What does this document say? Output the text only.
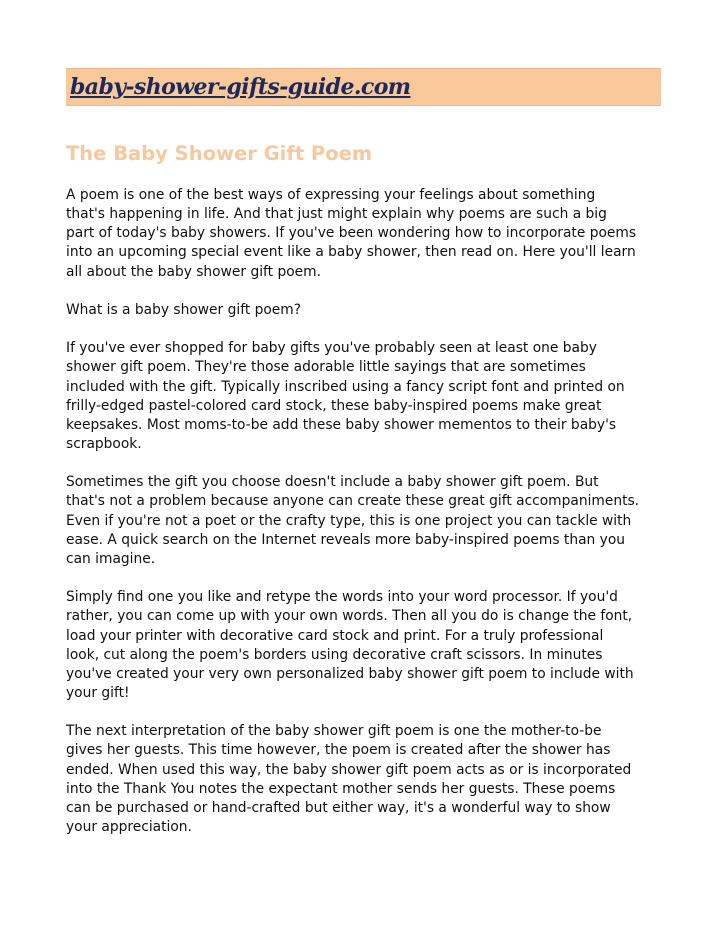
baby-shower-gifts-guide.com
The Baby Shower Gift Poem

A poem is one of the best ways of expressing your feelings about something
that's happening in life. And that just might explain why poems are such a big
part of today's baby showers. If you've been wondering how to incorporate poems
into an upcoming special event like a baby shower, then read on. Here you'll learn
all about the baby shower gift poem.

What is a baby shower gift poem?

If you've ever shopped for baby gifts you've probably seen at least one baby
shower gift poem. They're those adorable little sayings that are sometimes
included with the gift. Typically inscribed using a fancy script font and printed on
frilly-edged pastel-colored card stock, these baby-inspired poems make great
keepsakes. Most moms-to-be add these baby shower mementos to their baby's
scrapbook.

Sometimes the gift you choose doesn't include a baby shower gift poem. But
that's not a problem because anyone can create these great gift accompaniments.
Even if you're not a poet or the crafty type, this is one project you can tackle with
ease. A quick search on the Internet reveals more baby-inspired poems than you
can imagine.

Simply find one you like and retype the words into your word processor. If you'd
rather, you can come up with your own words. Then all you do is change the font,
load your printer with decorative card stock and print. For a truly professional
look, cut along the poem's borders using decorative craft scissors. In minutes
you've created your very own personalized baby shower gift poem to include with
your gift!

The next interpretation of the baby shower gift poem is one the mother-to-be
gives her guests. This time however, the poem is created after the shower has
ended. When used this way, the baby shower gift poem acts as or is incorporated
into the Thank You notes the expectant mother sends her guests. These poems
can be purchased or hand-crafted but either way, it's a wonderful way to show
your appreciation.
